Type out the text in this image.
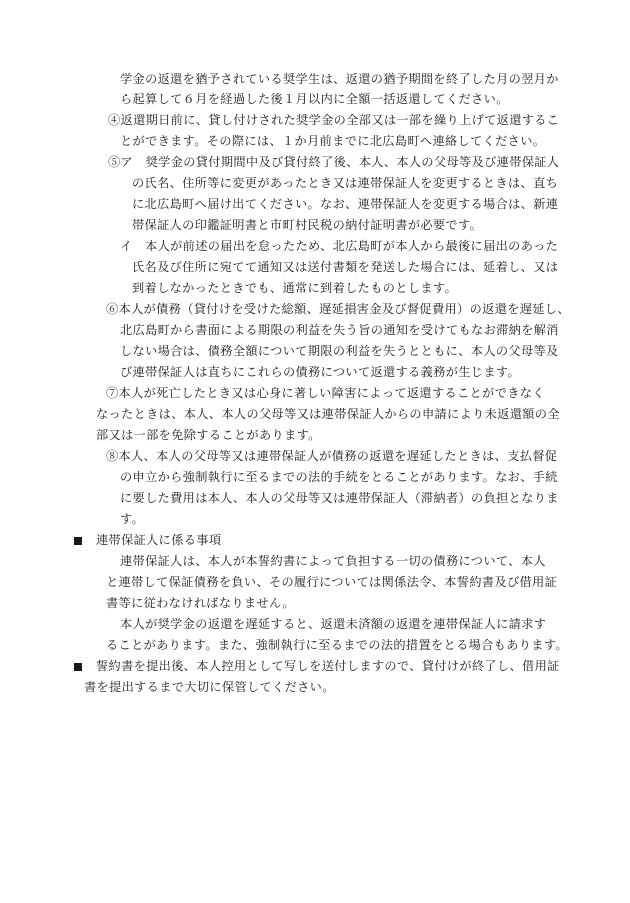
学金の返還を猶予されている奨学生は、返還の猶予期間を終了した月の翌月か
ら起算して６月を経過した後１月以内に全額一括返還してください。
④返還期日前に、貸し付けされた奨学金の全部又は一部を繰り上げて返還するこ
とができます。その際には、１か月前までに北広島町へ連絡してください。
⑤ア　奨学金の貸付期間中及び貸付終了後、本人、本人の父母等及び連帯保証人
の氏名、住所等に変更があったとき又は連帯保証人を変更するときは、直ち
に北広島町へ届け出てください。なお、連帯保証人を変更する場合は、新連
帯保証人の印鑑証明書と市町村民税の納付証明書が必要です。
イ　本人が前述の届出を怠ったため、北広島町が本人から最後に届出のあった
氏名及び住所に宛てて通知又は送付書類を発送した場合には、延着し、又は
到着しなかったときでも、通常に到着したものとします。
⑥本人が債務（貸付けを受けた総額、遅延損害金及び督促費用）の返還を遅延し、
北広島町から書面による期限の利益を失う旨の通知を受けてもなお滞納を解消
しない場合は、債務全額について期限の利益を失うとともに、本人の父母等及
び連帯保証人は直ちにこれらの債務について返還する義務が生じます。
⑦本人が死亡したとき又は心身に著しい障害によって返還することができなく
なったときは、本人、本人の父母等又は連帯保証人からの申請により未返還額の全
部又は一部を免除することがあります。
⑧本人、本人の父母等又は連帯保証人が債務の返還を遅延したときは、支払督促
の申立から強制執行に至るまでの法的手続をとることがあります。なお、手続
に要した費用は本人、本人の父母等又は連帯保証人（滞納者）の負担となりま
す。
連帯保証人に係る事項
連帯保証人は、本人が本誓約書によって負担する一切の債務について、本人
と連帯して保証債務を負い、その履行については関係法令、本誓約書及び借用証
書等に従わなければなりません。
本人が奨学金の返還を遅延すると、返還未済額の返還を連帯保証人に請求す
ることがあります。また、強制執行に至るまでの法的措置をとる場合もあります。
誓約書を提出後、本人控用として写しを送付しますので、貸付けが終了し、借用証
書を提出するまで大切に保管してください。
